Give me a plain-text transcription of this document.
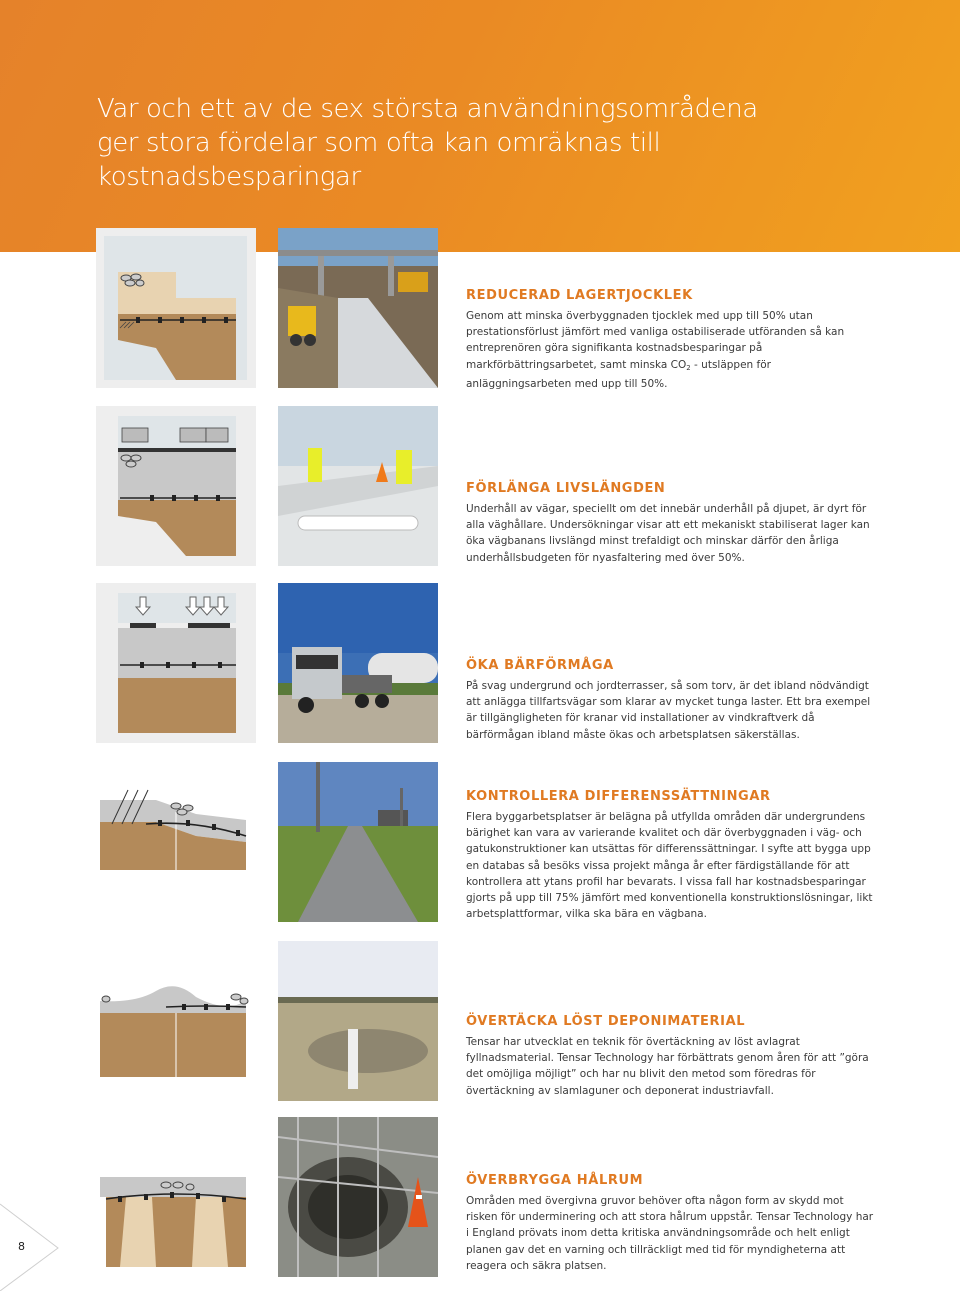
Var och ett av de sex största användningsområdena
ger stora fördelar som ofta kan omräknas till
kostnadsbesparingar
REDUCERAD LAGERTJOCKLEK

Genom att minska överbyggnaden tjocklek med upp till 50% utan prestationsförlust jämfört med vanliga ostabiliserade utföranden så kan entreprenören göra signifikanta kostnadsbesparingar på markförbättringsarbetet, samt minska $CO_2$ - utsläppen för anläggningsarbeten med upp till 50%.

FÖRLÄNGA LIVSLÄNGDEN

Underhåll av vägar, speciellt om det innebär underhåll på djupet, är dyrt för alla väghållare. Undersökningar visar att ett mekaniskt stabiliserat lager kan öka vägbanans livslängd minst trefaldigt och minskar därför den årliga underhållsbudgeten för nyasfaltering med över 50%.

ÖKA BÄRFÖRMÅGA

På svag undergrund och jordterrasser, så som torv, är det ibland nödvändigt att anlägga tillfartsvägar som klarar av mycket tunga laster. Ett bra exempel är tillgängligheten för kranar vid installationer av vindkraftverk då bärförmågan ibland måste ökas och arbetsplatsen säkerställas.

KONTROLLERA DIFFERENSSÄTTNINGAR

Flera byggarbetsplatser är belägna på utfyllda områden där undergrundens bärighet kan vara av varierande kvalitet och där överbyggnaden i väg- och gatukonstruktioner kan utsättas för differenssättningar. I syfte att bygga upp en databas så besöks vissa projekt många år efter färdigställande för att kontrollera att ytans profil har bevarats. I vissa fall har kostnadsbesparingar gjorts på upp till 75% jämfört med konventionella konstruktionslösningar, likt arbetsplattformar, vilka ska bära en vägbana.

ÖVERTÄCKA LÖST DEPONIMATERIAL

Tensar har utvecklat en teknik för övertäckning av löst avlagrat fyllnadsmaterial. Tensar Technology har förbättrats genom åren för att ”göra det omöjliga möjligt” och har nu blivit den metod som föredras för övertäckning av slamlaguner och deponerat industriavfall.

ÖVERBRYGGA HÅLRUM

Områden med övergivna gruvor behöver ofta någon form av skydd mot risken för underminering och att stora hålrum uppstår. Tensar Technology har i England prövats inom detta kritiska användningsområde och helt enligt planen gav det en varning och tillräckligt med tid för myndigheterna att reagera och säkra platsen.

8
